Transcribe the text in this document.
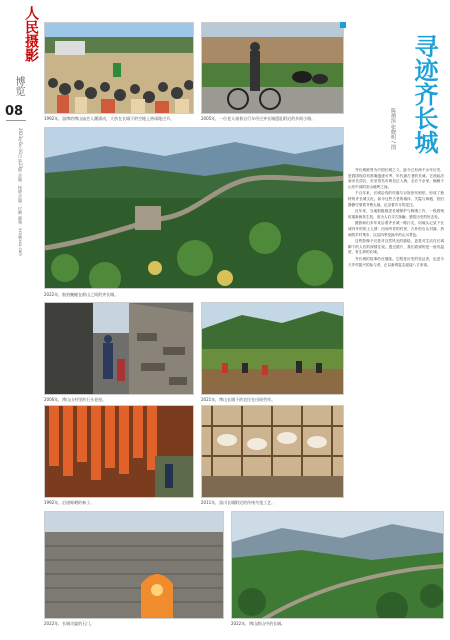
人民摄影
博览
08
2023年6月10日 第23期 责编：杨晓 美编：付琳 邮箱：xxx@xxx.com
1992年，淄博的博山庙会人潮涌动，大伙在长城下的空地上热闹地过节。	2005年，一位老人骑着自行车经过齐长城遗址附近的乡间小路。	寻迹齐长城
陈炳滨 张晓明 / 图
2022年，航拍蜿蜒在群山之间的齐长城。
2006年，博山山村里的石头老屋。	2021年，博山长城下的农民在田间劳作。
1992年，沿途晾晒的柿子。	2011年，淄川长城附近的传统鸟笼工艺。
2022年，长城关隘的石门。	2022年，博山群山中的长城。

齐长城被誉为中国长城之父，距今已有两千余年历史，是我国现存有准确遗迹可考、年代最古老的长城。它西起济南市长清区，东至青岛市黄岛区入海，全长千余里，蜿蜒于山东中部的崇山峻岭之间。

千百年来，长城沿线的村落与百姓世代相依，形成了独特的齐长城文化。如今这些古老的墙体、关隘与烽燧，依旧静静守望着齐鲁大地，记录着岁月的变迁。

近年来，当地积极推进长城保护与修缮工作，一段段残垣重新焕发生机，成为人们寻古探幽、感悟历史的好去处。

摄影师们多年来沿着齐长城一路行走，用镜头记录下长城内外的风土人情：田间劳作的村民、古朴的石头村落、热闹的乡村集市，以及四季变换中的山川景色。

这些影像不仅是对自然风光的描绘，更是对生活在长城脚下的人们的深情注视。透过照片，我们看到的是一座有温度、有生命的长城。

齐长城的故事仍在继续。它既是历史的见证者，也是今天乡村振兴的参与者，正以新的姿态迎接八方来客。
